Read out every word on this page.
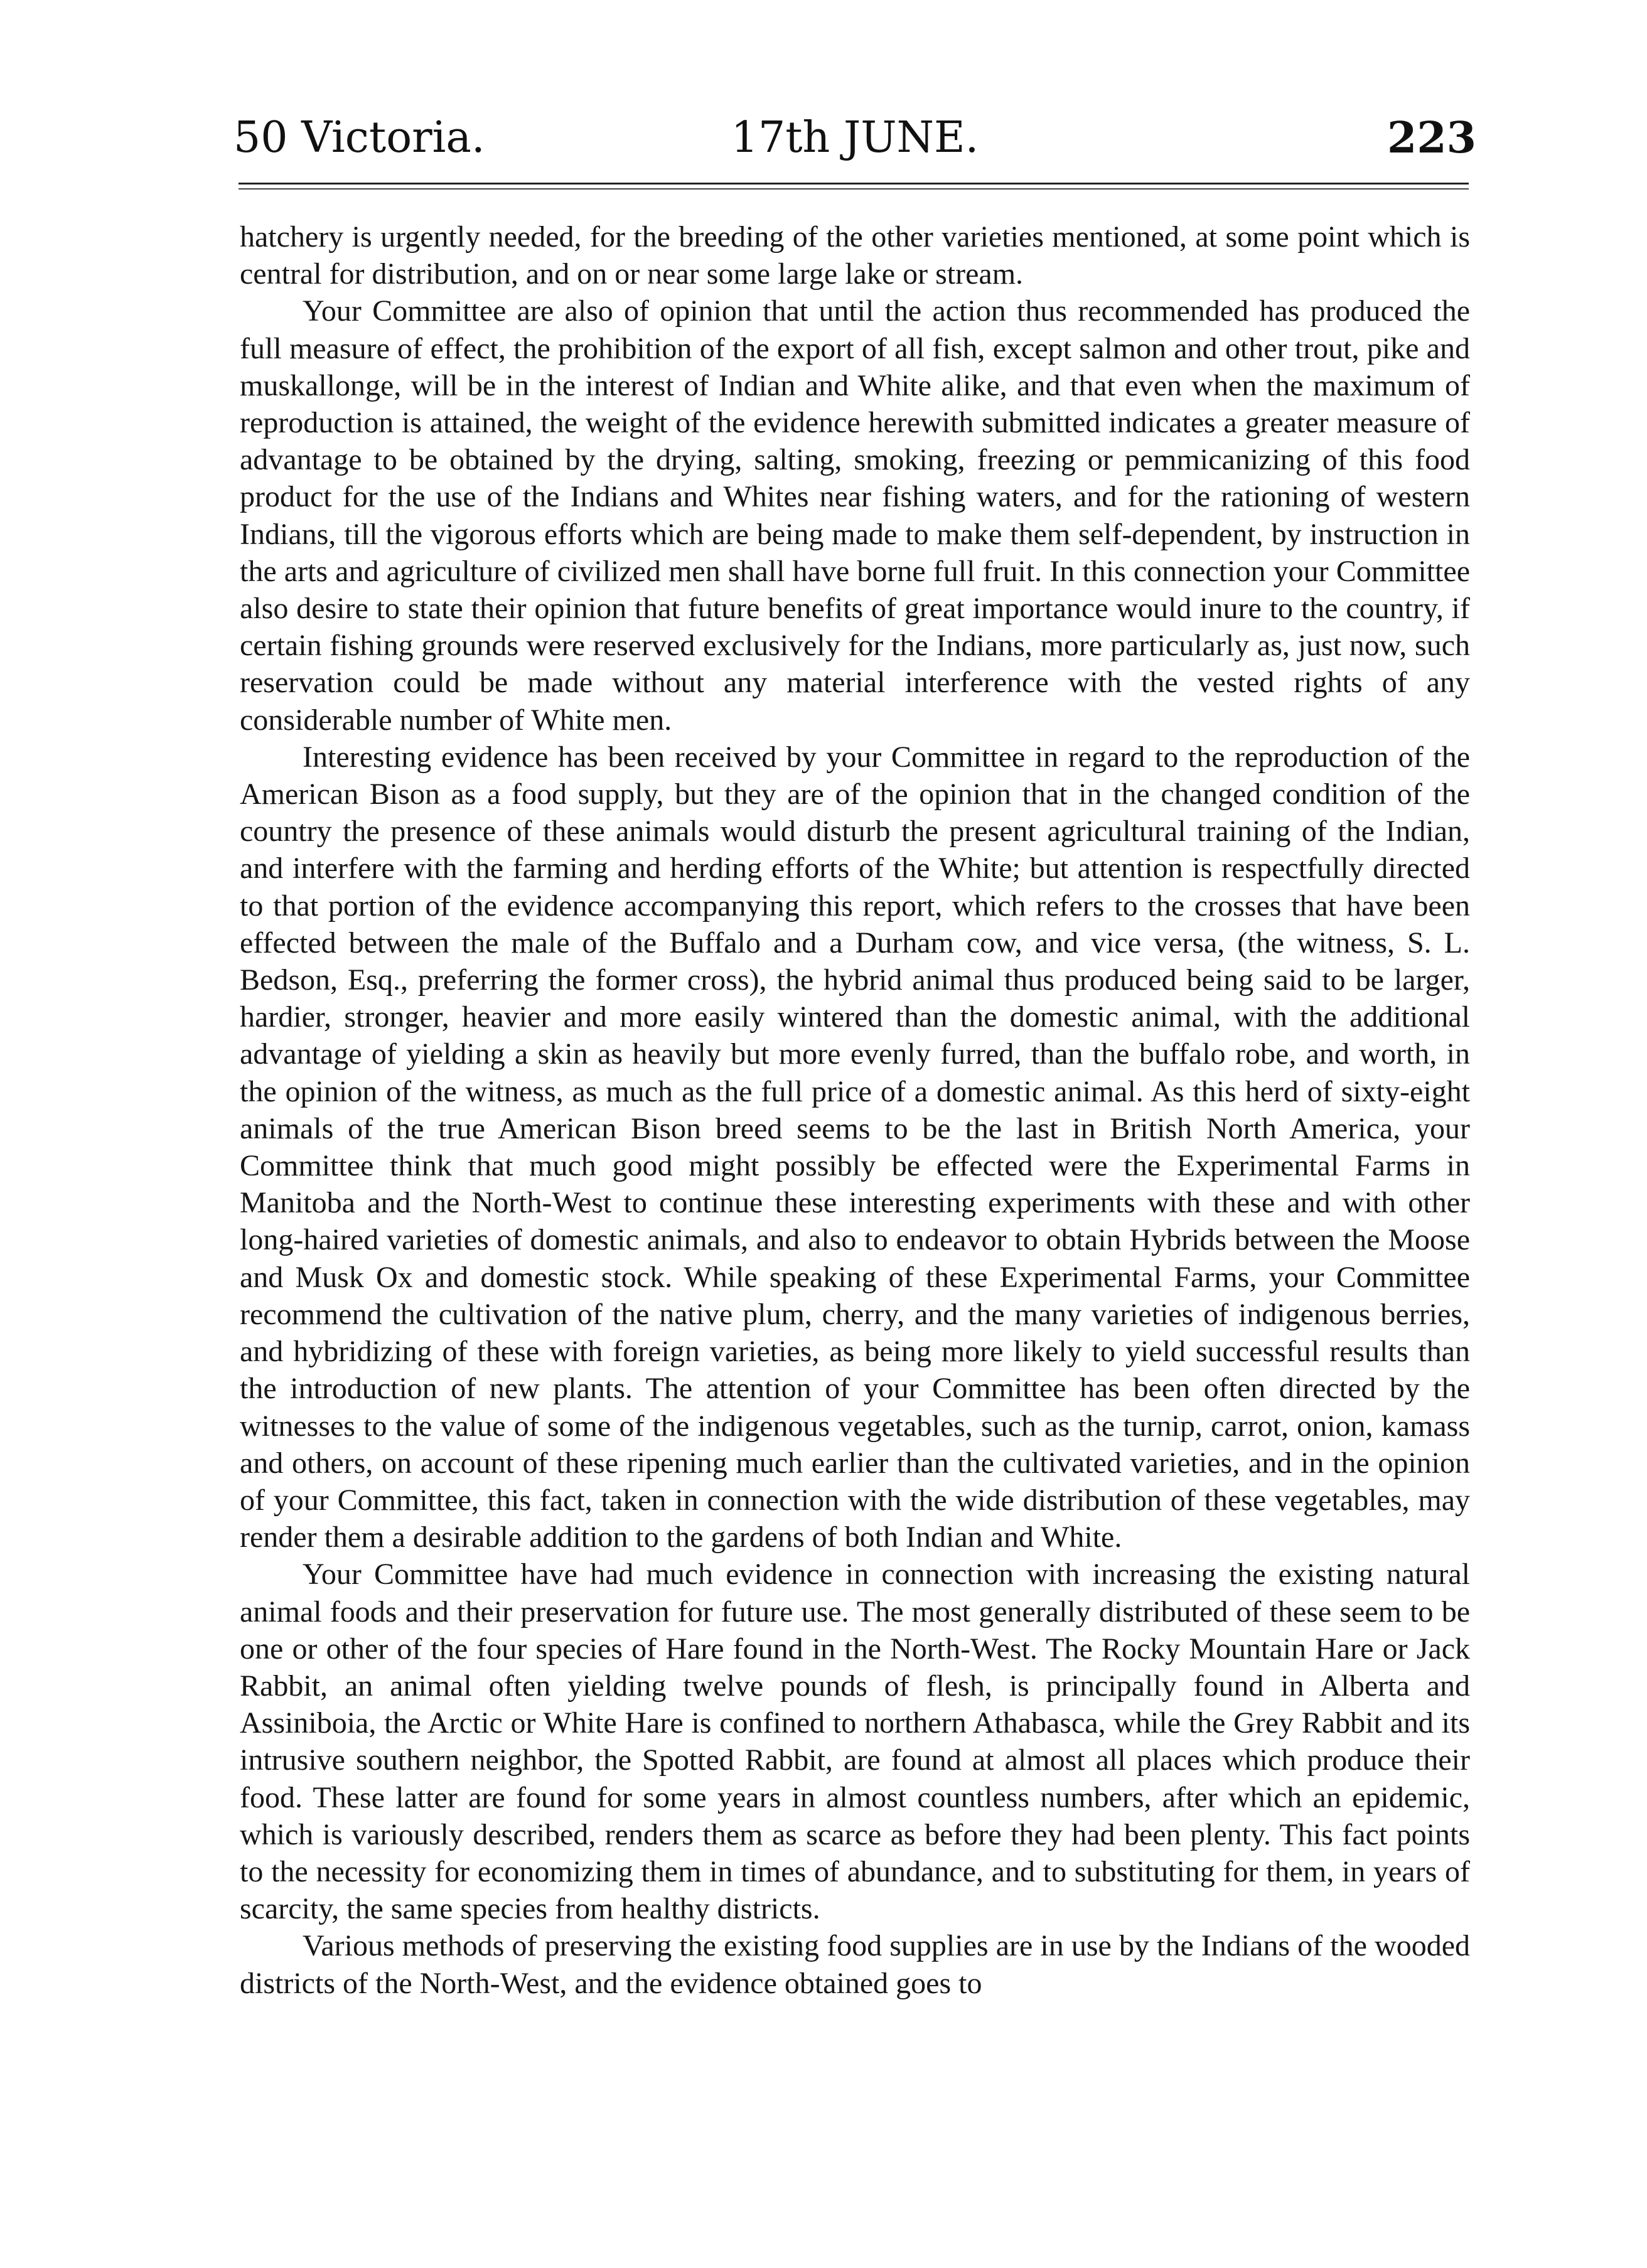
50 Victoria.	17th JUNE.	223

hatchery is urgently needed, for the breeding of the other varieties mentioned, at some point which is central for distribution, and on or near some large lake or stream.

Your Committee are also of opinion that until the action thus recommended has produced the full measure of effect, the prohibition of the export of all fish, except salmon and other trout, pike and muskallonge, will be in the interest of Indian and White alike, and that even when the maximum of reproduction is attained, the weight of the evidence herewith submitted indicates a greater measure of advantage to be obtained by the drying, salting, smoking, freezing or pemmicanizing of this food product for the use of the Indians and Whites near fishing waters, and for the rationing of western Indians, till the vigorous efforts which are being made to make them self-dependent, by instruction in the arts and agriculture of civilized men shall have borne full fruit. In this connection your Committee also desire to state their opinion that future benefits of great importance would inure to the country, if certain fishing grounds were reserved exclusively for the Indians, more particularly as, just now, such reservation could be made without any material interference with the vested rights of any considerable number of White men.

Interesting evidence has been received by your Committee in regard to the reproduction of the American Bison as a food supply, but they are of the opinion that in the changed condition of the country the presence of these animals would disturb the present agricultural training of the Indian, and interfere with the farming and herding efforts of the White; but attention is respectfully directed to that portion of the evidence accompanying this report, which refers to the crosses that have been effected between the male of the Buffalo and a Durham cow, and vice versa, (the witness, S. L. Bedson, Esq., preferring the former cross), the hybrid animal thus produced being said to be larger, hardier, stronger, heavier and more easily wintered than the domestic animal, with the additional advantage of yielding a skin as heavily but more evenly furred, than the buffalo robe, and worth, in the opinion of the witness, as much as the full price of a domestic animal. As this herd of sixty-eight animals of the true American Bison breed seems to be the last in British North America, your Committee think that much good might possibly be effected were the Experimental Farms in Manitoba and the North-West to continue these interesting experiments with these and with other long-haired varieties of domestic animals, and also to endeavor to obtain Hybrids between the Moose and Musk Ox and domestic stock. While speaking of these Experimental Farms, your Committee recommend the cultivation of the native plum, cherry, and the many varieties of indigenous berries, and hybridizing of these with foreign varieties, as being more likely to yield successful results than the introduction of new plants. The attention of your Committee has been often directed by the witnesses to the value of some of the indigenous vegetables, such as the turnip, carrot, onion, kamass and others, on account of these ripening much earlier than the cultivated varieties, and in the opinion of your Committee, this fact, taken in connection with the wide distribution of these vegetables, may render them a desirable addition to the gardens of both Indian and White.

Your Committee have had much evidence in connection with increasing the existing natural animal foods and their preservation for future use. The most generally distributed of these seem to be one or other of the four species of Hare found in the North-West. The Rocky Mountain Hare or Jack Rabbit, an animal often yielding twelve pounds of flesh, is principally found in Alberta and Assiniboia, the Arctic or White Hare is confined to northern Athabasca, while the Grey Rabbit and its intrusive southern neighbor, the Spotted Rabbit, are found at almost all places which produce their food. These latter are found for some years in almost countless numbers, after which an epidemic, which is variously described, renders them as scarce as before they had been plenty. This fact points to the necessity for economizing them in times of abundance, and to substituting for them, in years of scarcity, the same species from healthy districts.

Various methods of preserving the existing food supplies are in use by the Indians of the wooded districts of the North-West, and the evidence obtained goes to
